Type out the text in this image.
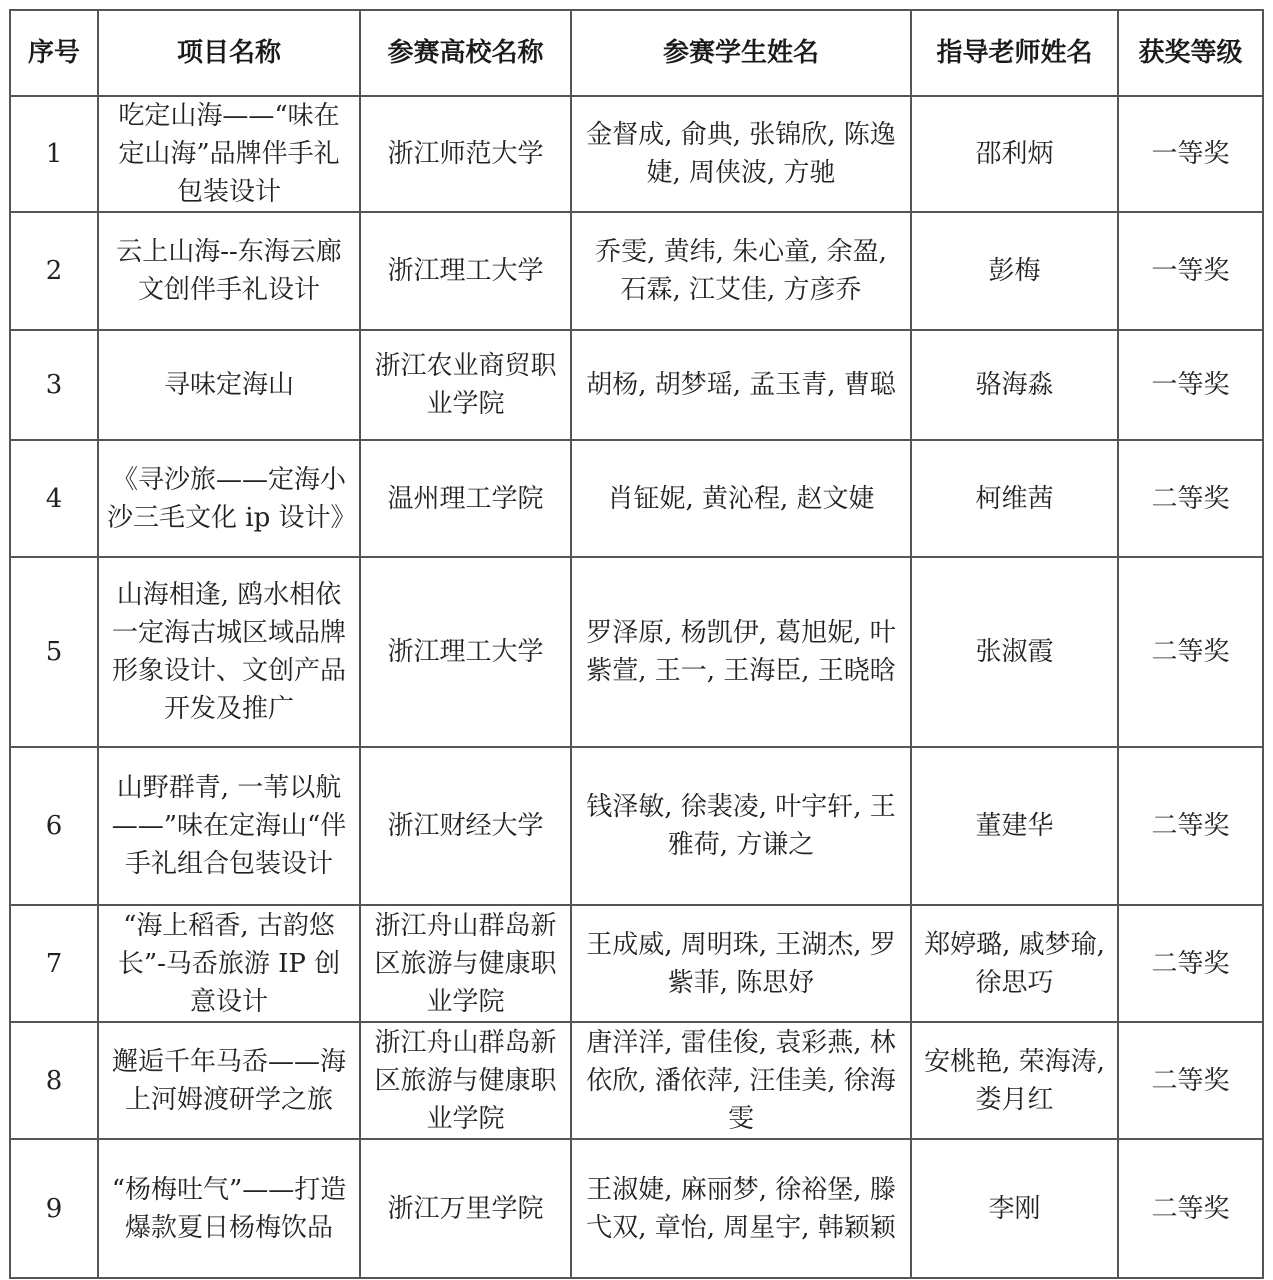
序号	项目名称	参赛高校名称	参赛学生姓名	指导老师姓名	获奖等级
1	吃定山海——“味在定山海”品牌伴手礼包装设计	浙江师范大学	金督成, 俞典, 张锦欣, 陈逸婕, 周侠波, 方驰	邵利炳	一等奖
2	云上山海--东海云廊文创伴手礼设计	浙江理工大学	乔雯, 黄纬, 朱心童, 余盈, 石霖, 江艾佳, 方彦乔	彭梅	一等奖
3	寻味定海山	浙江农业商贸职业学院	胡杨, 胡梦瑶, 孟玉青, 曹聪	骆海淼	一等奖
4	《寻沙旅——定海小沙三毛文化 ip 设计》	温州理工学院	肖钲妮, 黄沁程, 赵文婕	柯维茜	二等奖
5	山海相逢, 鸥水相依一定海古城区域品牌形象设计、文创产品开发及推广	浙江理工大学	罗泽原, 杨凯伊, 葛旭妮, 叶紫萱, 王一, 王海臣, 王晓晗	张淑霞	二等奖
6	山野群青, 一苇以航——”味在定海山“伴手礼组合包装设计	浙江财经大学	钱泽敏, 徐裴凌, 叶宇轩, 王雅荷, 方谦之	董建华	二等奖
7	“海上稻香, 古韵悠长”-马岙旅游 IP 创意设计	浙江舟山群岛新区旅游与健康职业学院	王成威, 周明珠, 王湖杰, 罗紫菲, 陈思妤	郑婷璐, 戚梦瑜, 徐思巧	二等奖
8	邂逅千年马岙——海上河姆渡研学之旅	浙江舟山群岛新区旅游与健康职业学院	唐洋洋, 雷佳俊, 袁彩燕, 林依欣, 潘依萍, 汪佳美, 徐海雯	安桃艳, 荣海涛, 娄月红	二等奖
9	“杨梅吐气”——打造爆款夏日杨梅饮品	浙江万里学院	王淑婕, 麻丽梦, 徐裕堡, 滕弋双, 章怡, 周星宇, 韩颖颖	李刚	二等奖
